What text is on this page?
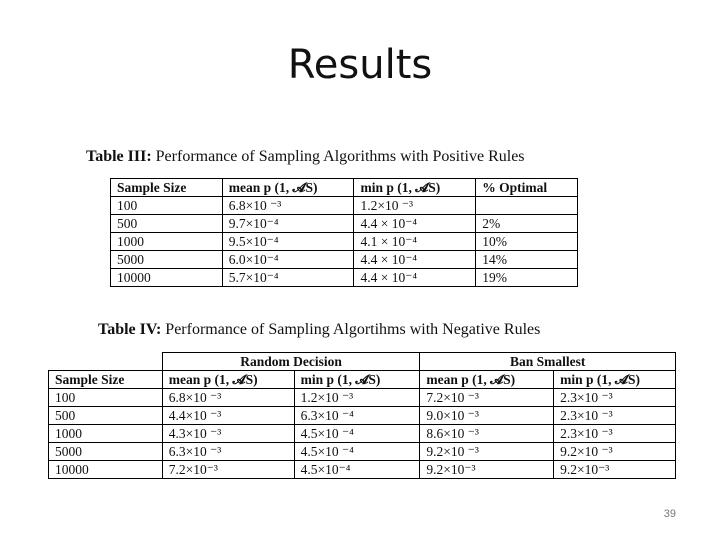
Results
Table III: Performance of Sampling Algorithms with Positive Rules
Sample Size	mean p (1, 𝓐S)	min p (1, 𝓐S)	% Optimal
100	6.8×10 ⁻³	1.2×10 ⁻³	
500	9.7×10⁻⁴	4.4 × 10⁻⁴	2%
1000	9.5×10⁻⁴	4.1 × 10⁻⁴	10%
5000	6.0×10⁻⁴	4.4 × 10⁻⁴	14%
10000	5.7×10⁻⁴	4.4 × 10⁻⁴	19%
Table IV: Performance of Sampling Algortihms with Negative Rules
	Random Decision		Ban Smallest	
Sample Size	mean p (1, 𝓐S)	min p (1, 𝓐S)	mean p (1, 𝓐S)	min p (1, 𝓐S)
100	6.8×10 ⁻³	1.2×10 ⁻³	7.2×10 ⁻³	2.3×10 ⁻³
500	4.4×10 ⁻³	6.3×10 ⁻⁴	9.0×10 ⁻³	2.3×10 ⁻³
1000	4.3×10 ⁻³	4.5×10 ⁻⁴	8.6×10 ⁻³	2.3×10 ⁻³
5000	6.3×10 ⁻³	4.5×10 ⁻⁴	9.2×10 ⁻³	9.2×10 ⁻³
10000	7.2×10⁻³	4.5×10⁻⁴	9.2×10⁻³	9.2×10⁻³
39
